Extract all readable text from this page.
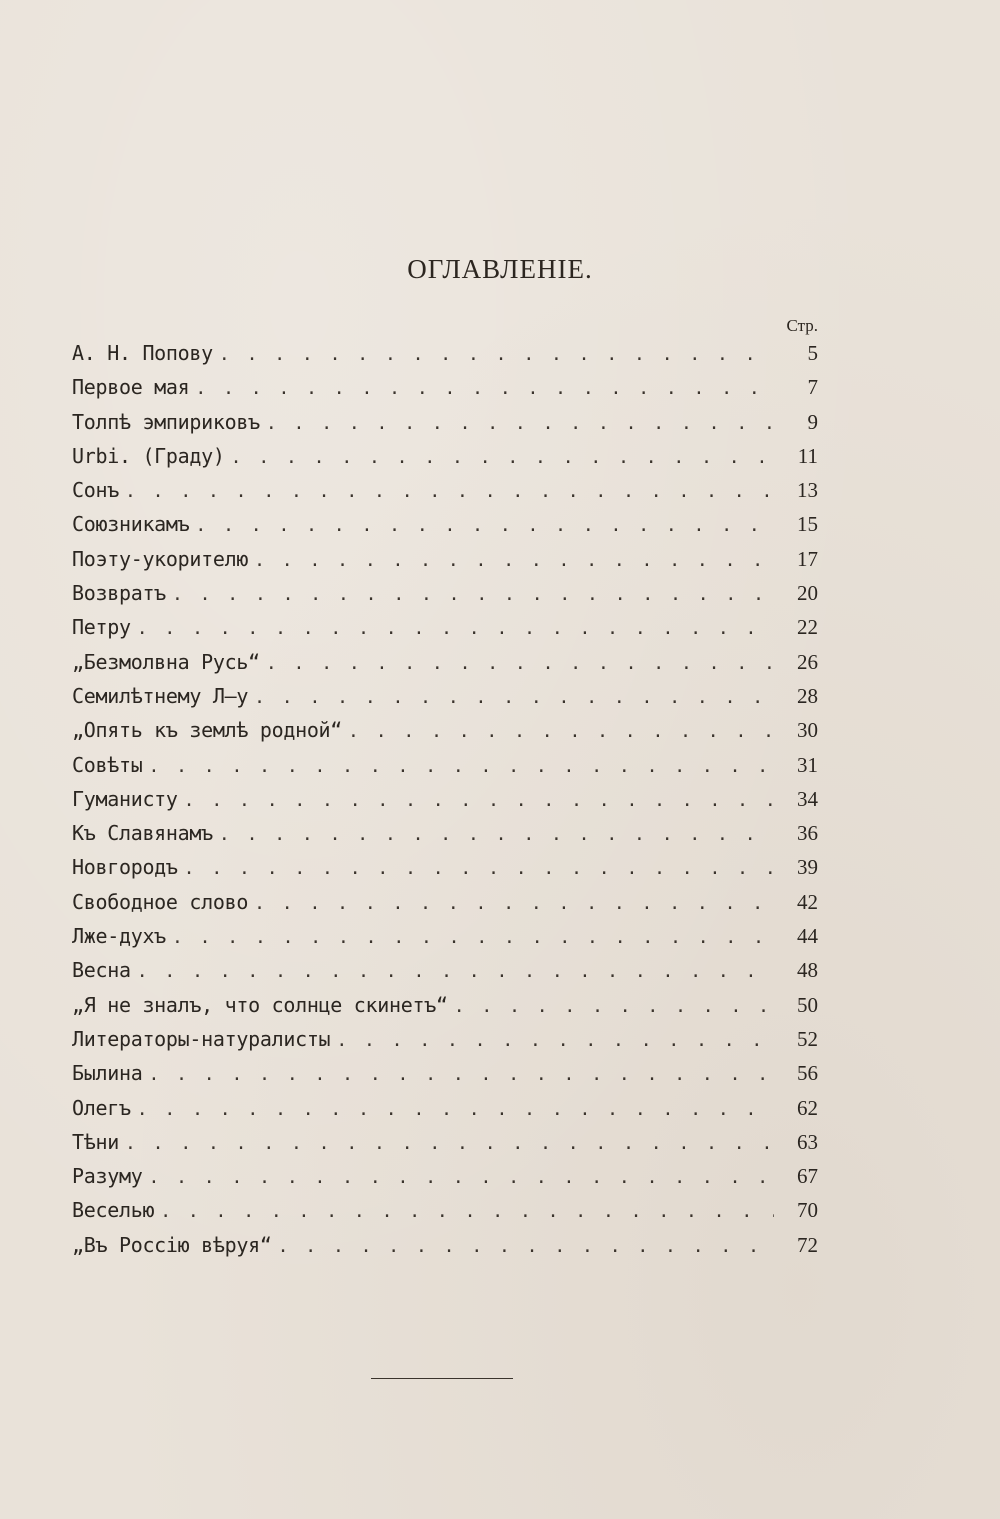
ОГЛАВЛЕНІЕ.
Стр.
А. Н. Попову . . .	5
Первое мая . . .	7
Толпѣ эмпириковъ . . .	9
Urbi. (Граду) . . .	11
Сонъ . . .	13
Союзникамъ . . .	15
Поэту-укорителю . . .	17
Возвратъ . . .	20
Петру . . .	22
„Безмолвна Русь“ . . .	26
Семилѣтнему Л—у . . .	28
„Опять къ землѣ родной“ . . .	30
Совѣты . . .	31
Гуманисту . . .	34
Къ Славянамъ . . .	36
Новгородъ . . .	39
Свободное слово . . .	42
Лже-духъ . . .	44
Весна . . .	48
„Я не зналъ, что солнце скинетъ“ . . .	50
Литераторы-натуралисты . . .	52
Былина . . .	56
Олегъ . . .	62
Тѣни . . .	63
Разуму . . .	67
Веселью . . .	70
„Въ Россію вѣруя“ . . .	72
